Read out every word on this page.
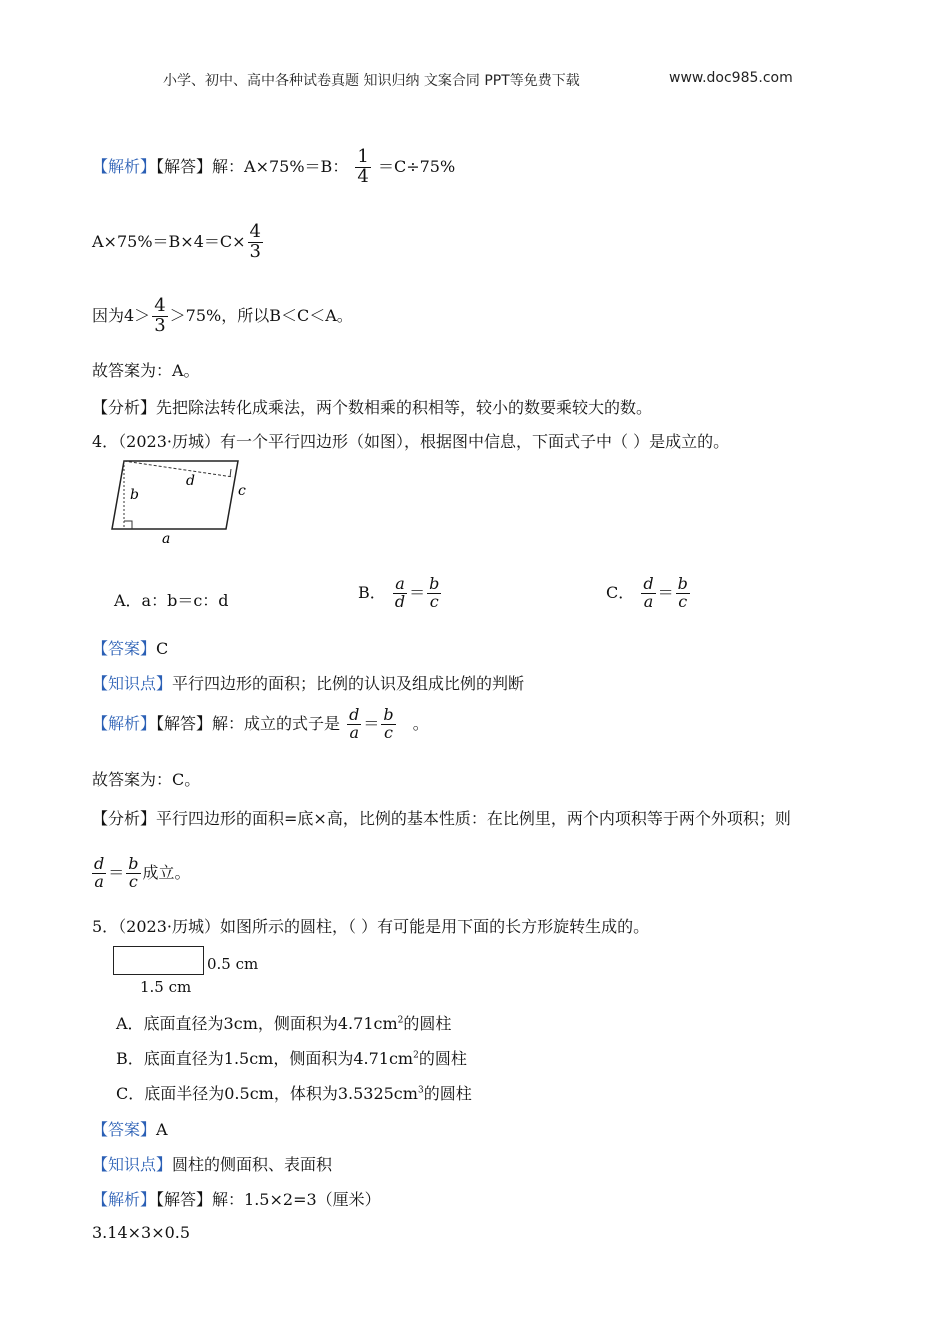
小学、初中、高中各种试卷真题 知识归纳 文案合同 PPT等免费下载	www.doc985.com
【解析】【解答】解：A×75%＝B： $\frac{1}{4} =C\div 75\%$
$A\times 75\%=B\times 4=C\times \frac{4}{3}$
因为$4> \frac{4}{3} >75\%$，所以B＜C＜A。
故答案为：A。
【分析】先把除法转化成乘法，两个数相乘的积相等，较小的数要乘较大的数。
4．（2023·历城）有一个平行四边形（如图），根据图中信息，下面式子中（ ）是成立的。
b
d
c
a
A．a：b＝c：d	B． $\frac{a}{d} = \frac{b}{c}$	C． $\frac{d}{a} = \frac{b}{c}$
【答案】C
【知识点】平行四边形的面积；比例的认识及组成比例的判断
【解析】【解答】解：成立的式子是 $\frac{d}{a} = \frac{b}{c}$ 。
故答案为：C。
【分析】平行四边形的面积=底×高，比例的基本性质：在比例里，两个内项积等于两个外项积；则
$\frac{d}{a} = \frac{b}{c}$ 成立。
5．（2023·历城）如图所示的圆柱，（ ）有可能是用下面的长方形旋转生成的。
0.5 cm
1.5 cm
A．底面直径为3cm，侧面积为$4.71cm^2$的圆柱
B．底面直径为1.5cm，侧面积为$4.71cm^2$的圆柱
C．底面半径为0.5cm，体积为$3.5325cm^3$的圆柱
【答案】A
【知识点】圆柱的侧面积、表面积
【解析】【解答】解：1.5×2=3（厘米）
3.14×3×0.5
